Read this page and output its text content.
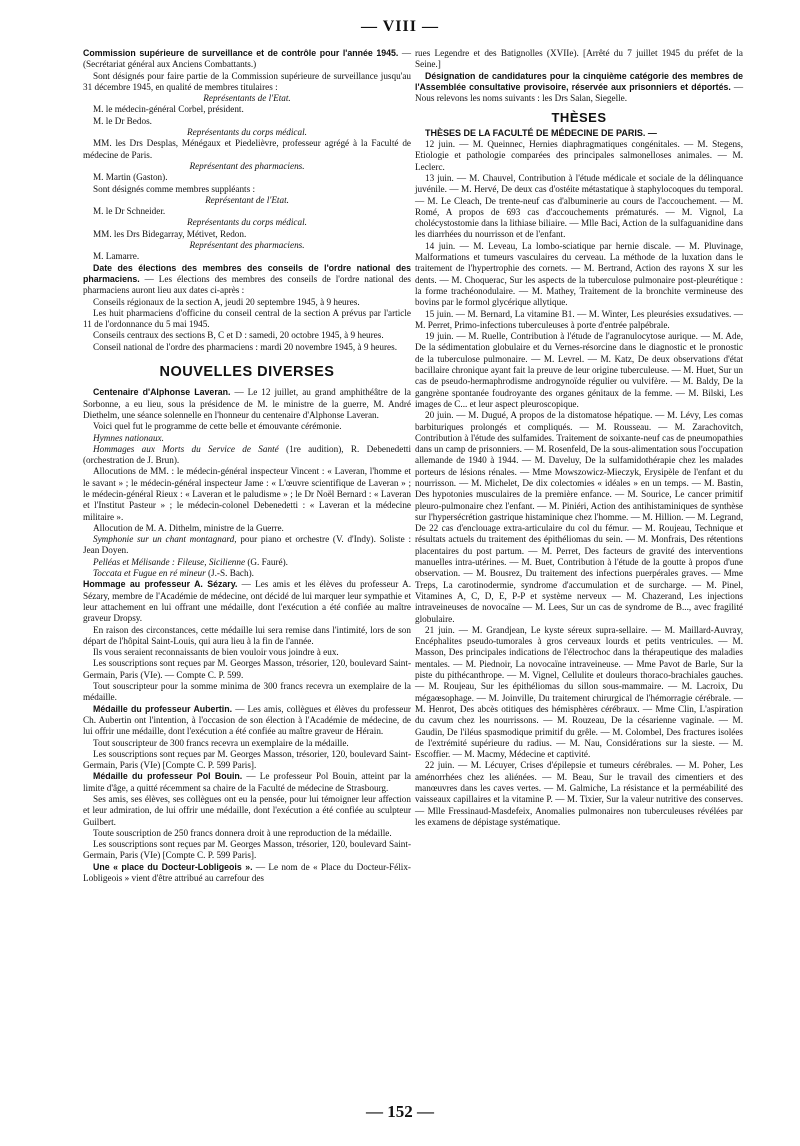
— VIII —

Commission supérieure de surveillance et de contrôle pour l'année 1945. — (Secrétariat général aux Anciens Combattants.)

Sont désignés pour faire partie de la Commission supérieure de surveillance jusqu'au 31 décembre 1945, en qualité de membres titulaires :

Représentants de l'Etat.

M. le médecin-général Corbel, président.

M. le Dr Bedos.

Représentants du corps médical.

MM. les Drs Desplas, Ménégaux et Piedelièvre, professeur agrégé à la Faculté de médecine de Paris.

Représentant des pharmaciens.

M. Martin (Gaston).

Sont désignés comme membres suppléants :

Représentant de l'Etat.

M. le Dr Schneider.

Représentants du corps médical.

MM. les Drs Bidegarray, Métivet, Redon.

Représentant des pharmaciens.

M. Lamarre.

Date des élections des membres des conseils de l'ordre national des pharmaciens. — Les élections des membres des conseils de l'ordre national des pharmaciens auront lieu aux dates ci-après :

Conseils régionaux de la section A, jeudi 20 septembre 1945, à 9 heures.

Les huit pharmaciens d'officine du conseil central de la section A prévus par l'article 11 de l'ordonnance du 5 mai 1945.

Conseils centraux des sections B, C et D : samedi, 20 octobre 1945, à 9 heures.

Conseil national de l'ordre des pharmaciens : mardi 20 novembre 1945, à 9 heures.

NOUVELLES DIVERSES

Centenaire d'Alphonse Laveran. — Le 12 juillet, au grand amphithéâtre de la Sorbonne, a eu lieu, sous la présidence de M. le ministre de la guerre, M. André Diethelm, une séance solennelle en l'honneur du centenaire d'Alphonse Laveran.

Voici quel fut le programme de cette belle et émouvante cérémonie.

Hymnes nationaux.

Hommages aux Morts du Service de Santé (1re audition), R. Debenedetti (orchestration de J. Brun).

Allocutions de MM. : le médecin-général inspecteur Vincent : « Laveran, l'homme et le savant » ; le médecin-général inspecteur Jame : « L'œuvre scientifique de Laveran » ; le médecin-général Rieux : « Laveran et le paludisme » ; le Dr Noël Bernard : « Laveran et l'Institut Pasteur » ; le médecin-colonel Debenedetti : « Laveran et la médecine militaire ».

Allocution de M. A. Dithelm, ministre de la Guerre.

Symphonie sur un chant montagnard, pour piano et orchestre (V. d'Indy). Soliste : Jean Doyen.

Pelléas et Mélisande : Fileuse, Sicilienne (G. Fauré).

Toccata et Fugue en ré mineur (J.-S. Bach).

Hommage au professeur A. Sézary. — Les amis et les élèves du professeur A. Sézary, membre de l'Académie de médecine, ont décidé de lui marquer leur sympathie et leur attachement en lui offrant une médaille, dont l'exécution a été confiée au maître graveur Dropsy.

En raison des circonstances, cette médaille lui sera remise dans l'intimité, lors de son départ de l'hôpital Saint-Louis, qui aura lieu à la fin de l'année.

Ils vous seraient reconnaissants de bien vouloir vous joindre à eux.

Les souscriptions sont reçues par M. Georges Masson, trésorier, 120, boulevard Saint-Germain, Paris (VIe). — Compte C. P. 599.

Tout souscripteur pour la somme minima de 300 francs recevra un exemplaire de la médaille.

Médaille du professeur Aubertin. — Les amis, collègues et élèves du professeur Ch. Aubertin ont l'intention, à l'occasion de son élection à l'Académie de médecine, de lui offrir une médaille, dont l'exécution a été confiée au maître graveur de Hérain.

Tout souscripteur de 300 francs recevra un exemplaire de la médaille.

Les souscriptions sont reçues par M. Georges Masson, trésorier, 120, boulevard Saint-Germain, Paris (VIe) [Compte C. P. 599 Paris].

Médaille du professeur Pol Bouin. — Le professeur Pol Bouin, atteint par la limite d'âge, a quitté récemment sa chaire de la Faculté de médecine de Strasbourg.

Ses amis, ses élèves, ses collègues ont eu la pensée, pour lui témoigner leur affection et leur admiration, de lui offrir une médaille, dont l'exécution a été confiée au sculpteur Guilbert.

Toute souscription de 250 francs donnera droit à une reproduction de la médaille.

Les souscriptions sont reçues par M. Georges Masson, trésorier, 120, boulevard Saint-Germain, Paris (VIe) [Compte C. P. 599 Paris].

Une « place du Docteur-Lobligeois ». — Le nom de « Place du Docteur-Félix-Lobligeois » vient d'être attribué au carrefour des

rues Legendre et des Batignolles (XVIIe). [Arrêté du 7 juillet 1945 du préfet de la Seine.]

Désignation de candidatures pour la cinquième catégorie des membres de l'Assemblée consultative provisoire, réservée aux prisonniers et déportés. — Nous relevons les noms suivants : les Drs Salan, Siegelle.

THÈSES

THÈSES DE LA FACULTÉ DE MÉDECINE DE PARIS. —

12 juin. — M. Queinnec, Hernies diaphragmatiques congénitales. — M. Stegens, Etiologie et pathologie comparées des principales salmonelloses animales. — M. Leclerc.

13 juin. — M. Chauvel, Contribution à l'étude médicale et sociale de la délinquance juvénile. — M. Hervé, De deux cas d'ostéite métastatique à staphylocoques du temporal. — M. Le Cleach, De trente-neuf cas d'albuminerie au cours de l'accouchement. — M. Romé, A propos de 693 cas d'accouchements prématurés. — M. Vignol, La cholécystostomie dans la lithiase biliaire. — Mlle Baci, Action de la sulfaguanidine dans les diarrhées du nourrisson et de l'enfant.

14 juin. — M. Leveau, La lombo-sciatique par hernie discale. — M. Pluvinage, Malformations et tumeurs vasculaires du cerveau. La méthode de la luxation dans le traitement de l'hypertrophie des cornets. — M. Bertrand, Action des rayons X sur les dents. — M. Choquerac, Sur les aspects de la tuberculose pulmonaire post-pleurétique : la forme trachéonodulaire. — M. Mathey, Traitement de la bronchite vermineuse des bovins par le formol glycérique allytique.

15 juin. — M. Bernard, La vitamine B1. — M. Winter, Les pleurésies exsudatives. — M. Perret, Primo-infections tuberculeuses à porte d'entrée palpébrale.

19 juin. — M. Ruelle, Contribution à l'étude de l'agranulocytose aurique. — M. Ade, De la sédimentation globulaire et du Vernes-résorcine dans le diagnostic et le pronostic de la tuberculose pulmonaire. — M. Levrel. — M. Katz, De deux observations d'état bacillaire chronique ayant fait la preuve de leur origine tuberculeuse. — M. Huet, Sur un cas de pseudo-hermaphrodisme androgynoïde régulier ou vulvifère. — M. Baldy, De la gangrène spontanée foudroyante des organes génitaux de la femme. — M. Bilski, Les images de C... et leur aspect pleuroscopique.

20 juin. — M. Dugué, A propos de la distomatose hépatique. — M. Lévy, Les comas barbituriques prolongés et compliqués. — M. Rousseau. — M. Zarachovitch, Contribution à l'étude des sulfamides. Traitement de soixante-neuf cas de pneumopathies dans un camp de prisonniers. — M. Rosenfeld, De la sous-alimentation sous l'occupation allemande de 1940 à 1944. — M. Daveluy, De la sulfamidothérapie chez les malades porteurs de lésions rénales. — Mme Mowszowicz-Mieczyk, Erysipèle de l'enfant et du nourrisson. — M. Michelet, De dix colectomies « idéales » en un temps. — M. Bastin, Des hypotonies musculaires de la première enfance. — M. Sourice, Le cancer primitif pleuro-pulmonaire chez l'enfant. — M. Piniéri, Action des antihistaminiques de synthèse sur l'hypersécrétion gastrique histaminique chez l'homme. — M. Hillion. — M. Legrand, De 22 cas d'enclouage extra-articulaire du col du fémur. — M. Roujeau, Technique et résultats actuels du traitement des épithéliomas du sein. — M. Monfrais, Des rétentions placentaires du post partum. — M. Perret, Des facteurs de gravité des interventions manuelles intra-utérines. — M. Buet, Contribution à l'étude de la goutte à propos d'une observation. — M. Bousrez, Du traitement des infections puerpérales graves. — Mme Treps, La carotinodermie, syndrome d'accumulation et de surcharge. — M. Pinel, Vitamines A, C, D, E, P-P et système nerveux — M. Chazerand, Les injections intraveineuses de novocaïne — M. Lees, Sur un cas de syndrome de B..., avec fragilité globulaire.

21 juin. — M. Grandjean, Le kyste séreux supra-sellaire. — M. Maillard-Auvray, Encéphalites pseudo-tumorales à gros cerveaux lourds et petits ventricules. — M. Masson, Des principales indications de l'électrochoc dans la thérapeutique des maladies mentales. — M. Piednoir, La novocaïne intraveineuse. — Mme Pavot de Barle, Sur la piste du pithécanthrope. — M. Vignel, Cellulite et douleurs thoraco-brachiales gauches. — M. Roujeau, Sur les épithéliomas du sillon sous-mammaire. — M. Lacroix, Du mégaœsophage. — M. Joinville, Du traitement chirurgical de l'hémorragie cérébrale. — M. Henrot, Des abcès otitiques des hémisphères cérébraux. — Mme Clin, L'aspiration du cavum chez les nourrissons. — M. Rouzeau, De la césarienne vaginale. — M. Gaudin, De l'iléus spasmodique primitif du grêle. — M. Colombel, Des fractures isolées de l'extrémité supérieure du radius. — M. Nau, Considérations sur la sieste. — M. Escoffier. — M. Macmy, Médecine et captivité.

22 juin. — M. Lécuyer, Crises d'épilepsie et tumeurs cérébrales. — M. Poher, Les aménorrhées chez les aliénées. — M. Beau, Sur le travail des cimentiers et des manœuvres dans les caves vertes. — M. Galmiche, La résistance et la perméabilité des vaisseaux capillaires et la vitamine P. — M. Tixier, Sur la valeur nutritive des conserves. — Mlle Fressinaud-Masdefeix, Anomalies pulmonaires non tuberculeuses révélées par les examens de dépistage systématique.

— 152 —
